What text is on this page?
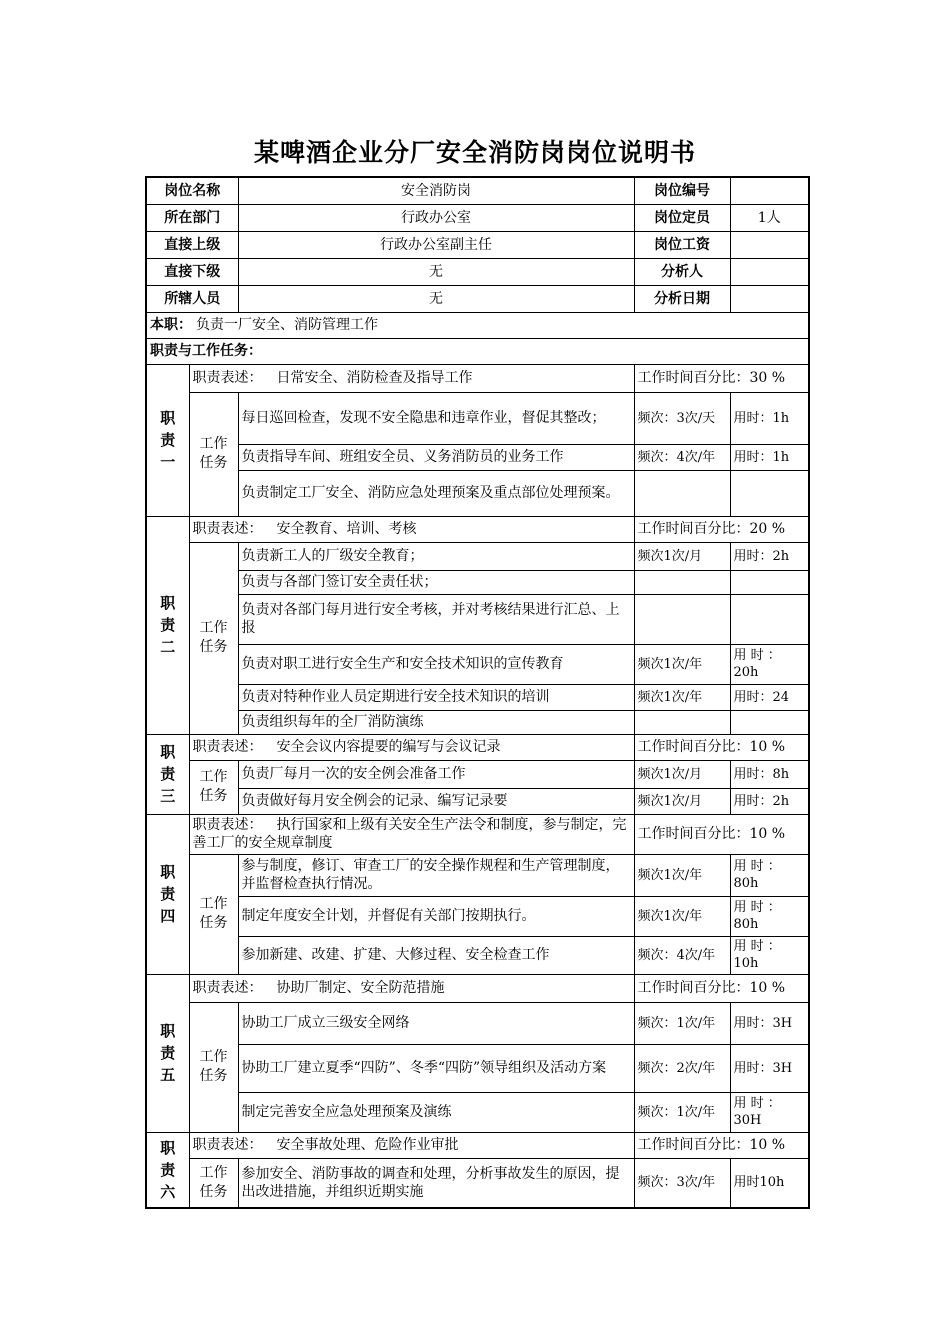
某啤酒企业分厂安全消防岗岗位说明书
岗位名称		安全消防岗	岗位编号	
所在部门		行政办公室	岗位定员	1人
直接上级		行政办公室副主任	岗位工资	
直接下级		无	分析人	
所辖人员		无	分析日期	
本职： 负责一厂安全、消防管理工作				
职责与工作任务：				
职责一	职责表述： 日常安全、消防检查及指导工作		工作时间百分比：30 %	
	工作任务	每日巡回检查，发现不安全隐患和违章作业，督促其整改；	频次：3次/天	用时：1h
		负责指导车间、班组安全员、义务消防员的业务工作	频次：4次/年	用时：1h
		负责制定工厂安全、消防应急处理预案及重点部位处理预案。		
职责二	职责表述： 安全教育、培训、考核		工作时间百分比：20 %	
	工作任务	负责新工人的厂级安全教育；	频次1次/月	用时：2h
		负责与各部门签订安全责任状；		
		负责对各部门每月进行安全考核，并对考核结果进行汇总、上报		
		负责对职工进行安全生产和安全技术知识的宣传教育	频次1次/年	用 时 ：20h
		负责对特种作业人员定期进行安全技术知识的培训	频次1次/年	用时：24
		负责组织每年的全厂消防演练		
职责三	职责表述： 安全会议内容提要的编写与会议记录		工作时间百分比：10 %	
	工作任务	负责厂每月一次的安全例会准备工作	频次1次/月	用时：8h
		负责做好每月安全例会的记录、编写记录要	频次1次/月	用时：2h
职责四	职责表述： 执行国家和上级有关安全生产法令和制度，参与制定，完善工厂的安全规章制度		工作时间百分比：10 %	
	工作任务	参与制度，修订、审查工厂的安全操作规程和生产管理制度，并监督检查执行情况。	频次1次/年	用 时 ：80h
		制定年度安全计划，并督促有关部门按期执行。	频次1次/年	用 时 ：80h
		参加新建、改建、扩建、大修过程、安全检查工作	频次：4次/年	用 时 ：10h
职责五	职责表述： 协助厂制定、安全防范措施		工作时间百分比：10 %	
	工作任务	协助工厂成立三级安全网络	频次：1次/年	用时：3H
		协助工厂建立夏季“四防”、冬季“四防”领导组织及活动方案	频次：2次/年	用时：3H
		制定完善安全应急处理预案及演练	频次：1次/年	用 时 ：30H
职责六	职责表述： 安全事故处理、危险作业审批		工作时间百分比：10 %	
	工作任务	参加安全、消防事故的调查和处理，分析事故发生的原因，提出改进措施，并组织近期实施	频次：3次/年	用时10h
